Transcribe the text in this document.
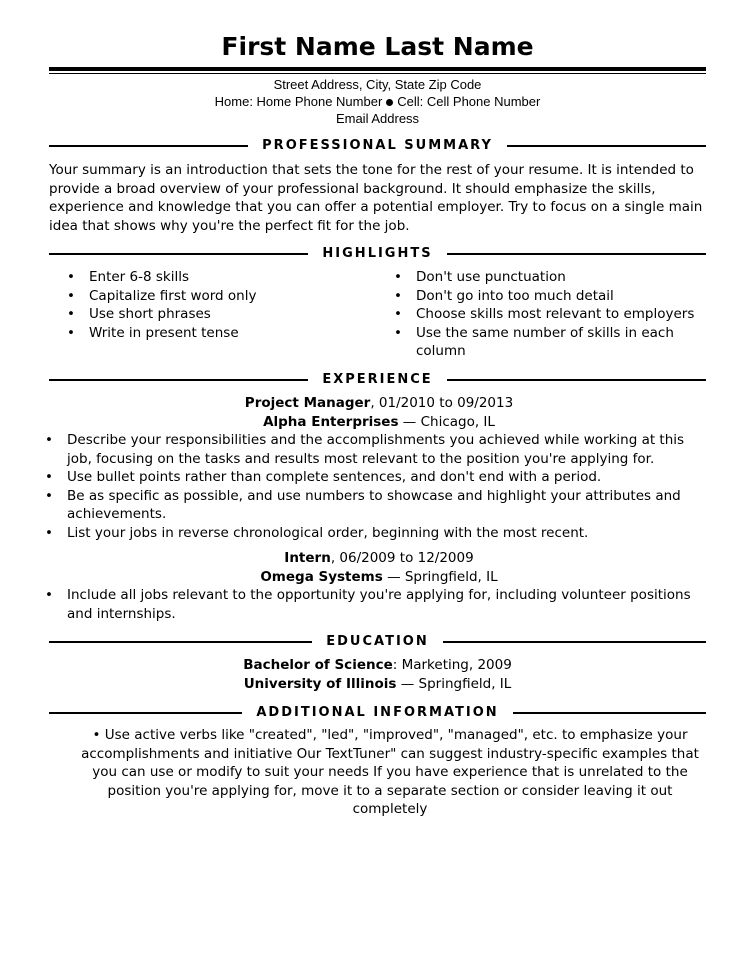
First Name Last Name
Street Address, City, State Zip Code
Home: Home Phone Number Cell: Cell Phone Number
Email Address
PROFESSIONAL SUMMARY
Your summary is an introduction that sets the tone for the rest of your resume. It is intended to provide a broad overview of your professional background. It should emphasize the skills, experience and knowledge that you can offer a potential employer. Try to focus on a single main idea that shows why you're the perfect fit for the job.
HIGHLIGHTS
• Enter 6-8 skills
• Capitalize first word only
• Use short phrases
• Write in present tense
• Don't use punctuation
• Don't go into too much detail
• Choose skills most relevant to employers
• Use the same number of skills in each column
EXPERIENCE
Project Manager, 01/2010 to 09/2013
Alpha Enterprises — Chicago, IL
• Describe your responsibilities and the accomplishments you achieved while working at this job, focusing on the tasks and results most relevant to the position you're applying for.
• Use bullet points rather than complete sentences, and don't end with a period.
• Be as specific as possible, and use numbers to showcase and highlight your attributes and achievements.
• List your jobs in reverse chronological order, beginning with the most recent.
Intern, 06/2009 to 12/2009
Omega Systems — Springfield, IL
• Include all jobs relevant to the opportunity you're applying for, including volunteer positions and internships.
EDUCATION
Bachelor of Science: Marketing, 2009
University of Illinois — Springfield, IL
ADDITIONAL INFORMATION
• Use active verbs like "created", "led", "improved", "managed", etc. to emphasize your accomplishments and initiative Our TextTuner" can suggest industry-specific examples that you can use or modify to suit your needs If you have experience that is unrelated to the position you're applying for, move it to a separate section or consider leaving it out completely
